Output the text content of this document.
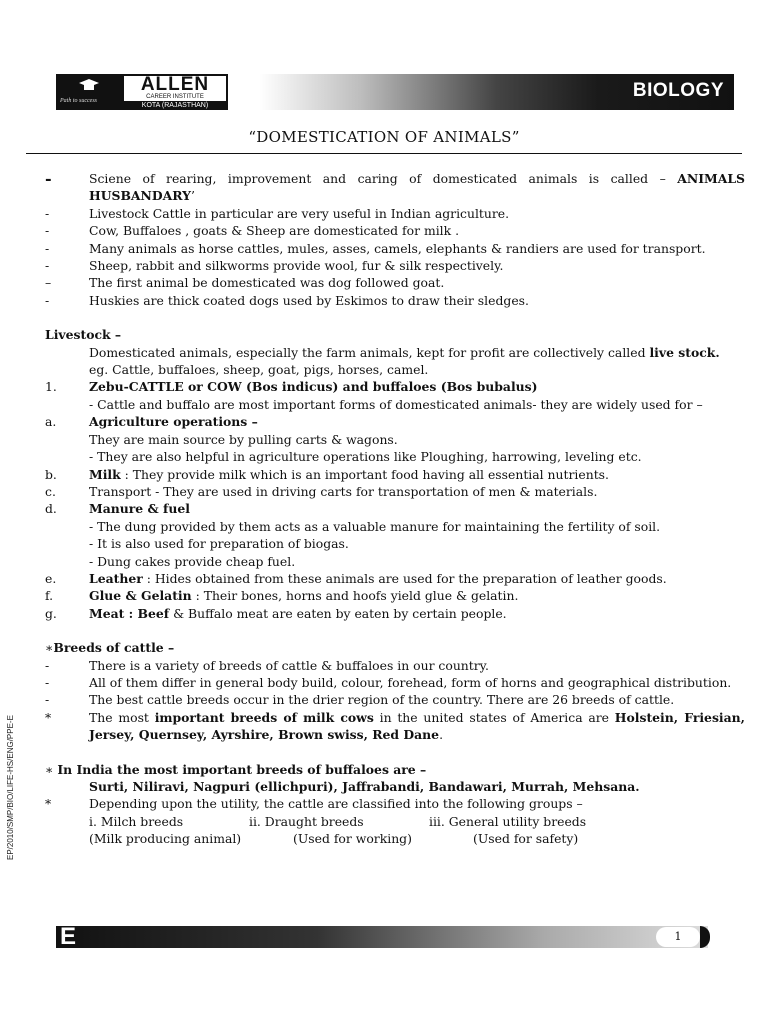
Path to success
ALLEN
CAREER INSTITUTE
KOTA (RAJASTHAN)
BIOLOGY
“DOMESTICATION OF ANIMALS”
-	Sciene of rearing, improvement and caring of domesticated animals is called – ANIMALS HUSBANDARY’
-	Livestock Cattle in particular are very useful in Indian agriculture.
-	Cow, Buffaloes , goats & Sheep are domesticated for milk .
-	Many animals as horse cattles, mules, asses, camels, elephants & randiers are used for transport.
-	Sheep, rabbit and silkworms provide wool, fur & silk respectively.
–	The first animal be domesticated was dog followed goat.
-	Huskies are thick coated dogs used by Eskimos to draw their sledges.
Livestock –
Domesticated animals, especially the farm animals, kept for profit are collectively called live stock.
eg. Cattle, buffaloes, sheep, goat, pigs, horses, camel.
1.	Zebu-CATTLE or COW (Bos indicus) and buffaloes (Bos bubalus)
- Cattle and buffalo are most important forms of domesticated animals- they are widely used for –
a.	Agriculture operations –
They are main source by pulling carts & wagons.
- They are also helpful in agriculture operations like Ploughing, harrowing, leveling etc.
b.	Milk : They provide milk which is an important food having all essential nutrients.
c.	Transport - They are used in driving carts for transportation of men & materials.
d.	Manure & fuel
- The dung provided by them acts as a valuable manure for maintaining the fertility of soil.
- It is also used for preparation of biogas.
- Dung cakes provide cheap fuel.
e.	Leather : Hides obtained from these animals are used for the preparation of leather goods.
f.	Glue & Gelatin : Their bones, horns and hoofs yield glue & gelatin.
g.	Meat : Beef & Buffalo meat are eaten by eaten by certain people.
∗Breeds of cattle –
-	There is a variety of breeds of cattle & buffaloes in our country.
-	All of them differ in general body build, colour, forehead, form of horns and geographical distribution.
-	The best cattle breeds occur in the drier region of the country. There are 26 breeds of cattle.
*	The most important breeds of milk cows in the united states of America are Holstein, Friesian, Jersey, Quernsey, Ayrshire, Brown swiss, Red Dane.
∗ In India the most important breeds of buffaloes are –
Surti, Niliravi, Nagpuri (ellichpuri), Jaffrabandi, Bandawari, Murrah, Mehsana.
*	Depending upon the utility, the cattle are classified into the following groups –
i. Milch breeds	ii. Draught breeds	iii. General utility breeds
(Milk producing animal)	(Used for working)	(Used for safety)
EP/2010/SMP/BIO/LIFE-HS/ENG/PPE-E
E	1
